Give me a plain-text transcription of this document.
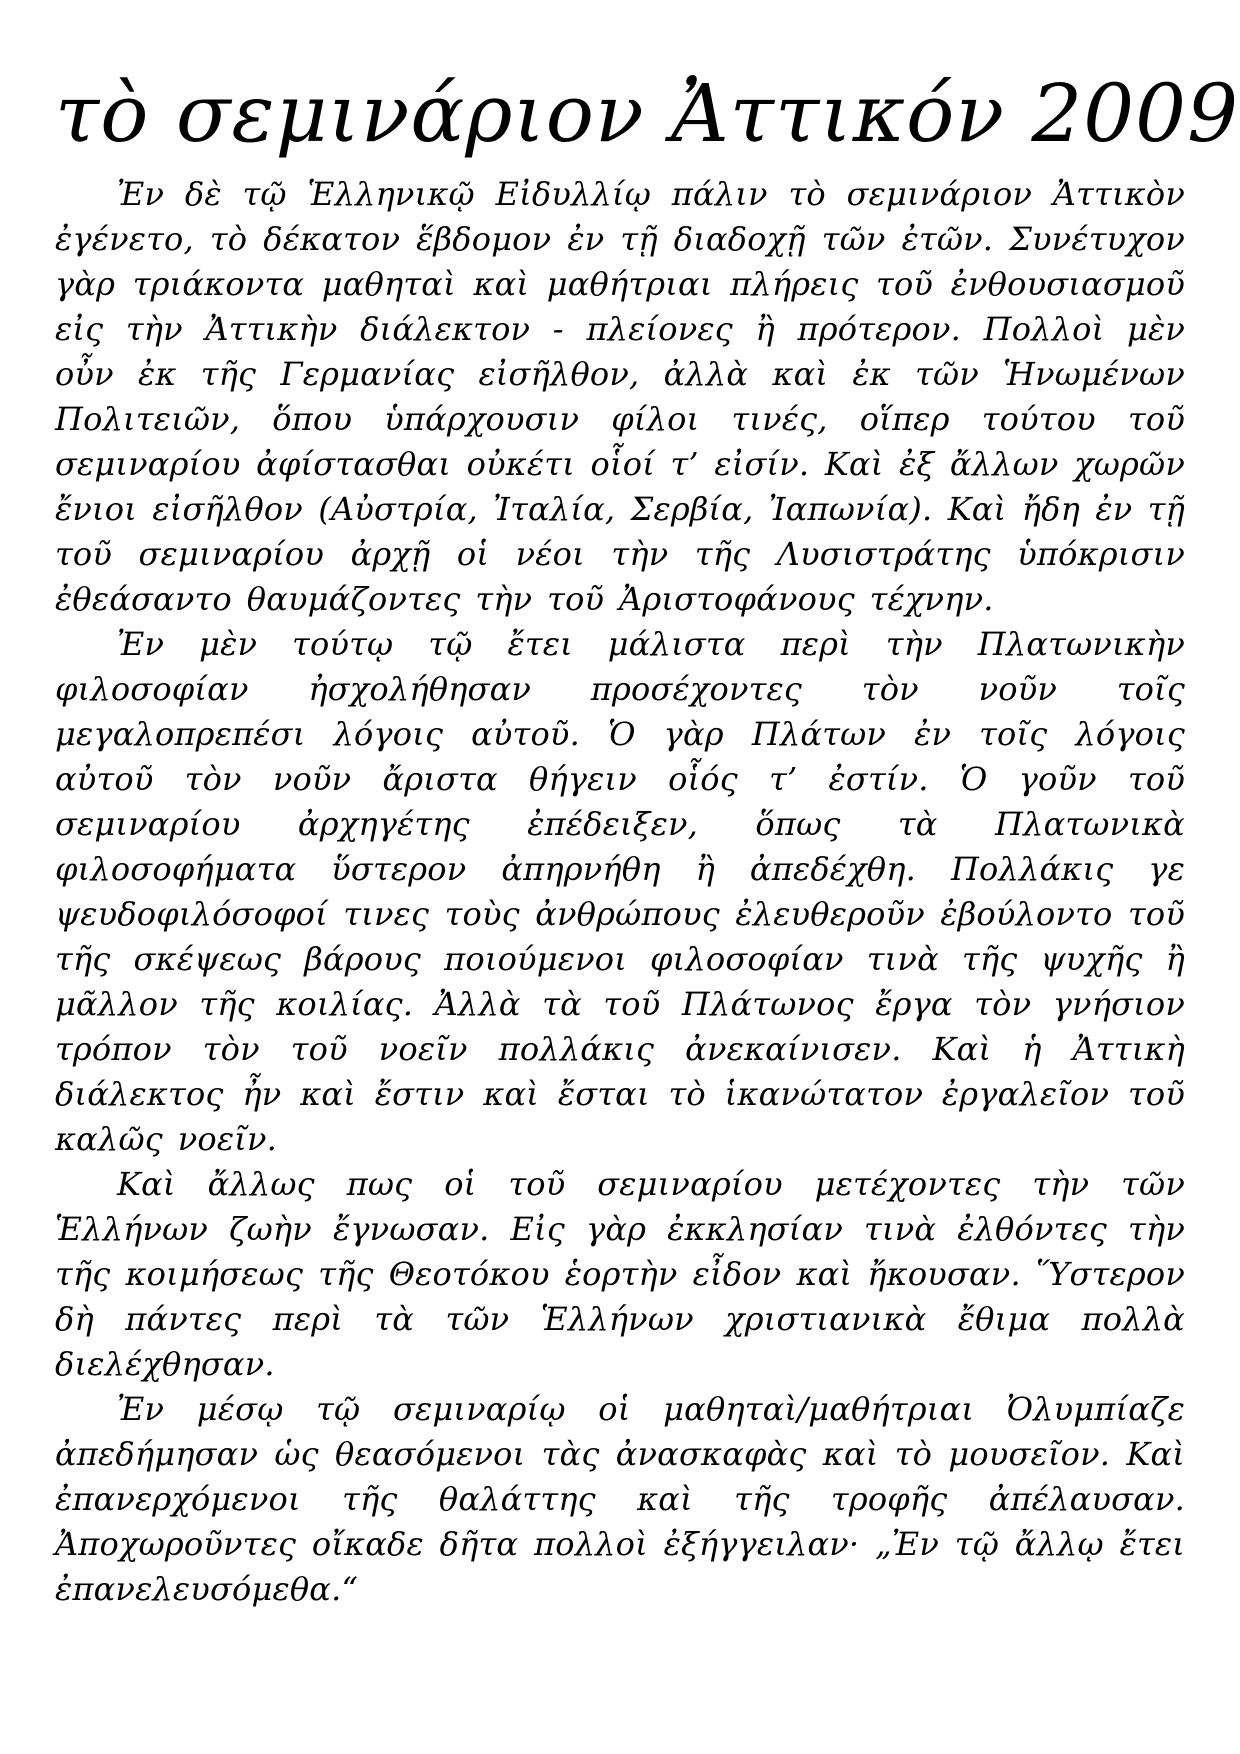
τὸ σεμινάριον Ἀττικόν 2009

Ἐν δὲ τῷ Ἑλληνικῷ Εἰδυλλίῳ πάλιν τὸ σεμινάριον Ἀττικὸν ἐγένετο, τὸ δέκατον ἕβδομον ἐν τῇ διαδοχῇ τῶν ἐτῶν. Συνέτυχον γὰρ τριάκοντα μαθηταὶ καὶ μαθήτριαι πλήρεις τοῦ ἐνθουσιασμοῦ εἰς τὴν Ἀττικὴν διάλεκτον - πλείονες ἢ πρότερον. Πολλοὶ μὲν οὖν ἐκ τῆς Γερμανίας εἰσῆλθον, ἀλλὰ καὶ ἐκ τῶν Ἡνωμένων Πολιτειῶν, ὅπου ὑπάρχουσιν φίλοι τινές, οἵπερ τούτου τοῦ σεμιναρίου ἀφίστασθαι οὐκέτι οἷοί τ’ εἰσίν. Καὶ ἐξ ἄλλων χωρῶν ἔνιοι εἰσῆλθον (Αὐστρία, Ἰταλία, Σερβία, Ἰαπωνία). Καὶ ἤδη ἐν τῇ τοῦ σεμιναρίου ἀρχῇ οἱ νέοι τὴν τῆς Λυσιστράτης ὑπόκρισιν ἐθεάσαντο θαυμάζοντες τὴν τοῦ Ἀριστοφάνους τέχνην.

Ἐν μὲν τούτῳ τῷ ἔτει μάλιστα περὶ τὴν Πλατωνικὴν φιλοσοφίαν ἠσχολήθησαν προσέχοντες τὸν νοῦν τοῖς μεγαλοπρεπέσι λόγοις αὐτοῦ. Ὁ γὰρ Πλάτων ἐν τοῖς λόγοις αὐτοῦ τὸν νοῦν ἄριστα θήγειν οἷός τ’ ἐστίν. Ὁ γοῦν τοῦ σεμιναρίου ἀρχηγέτης ἐπέδειξεν, ὅπως τὰ Πλατωνικὰ φιλοσοφήματα ὕστερον ἀπηρνήθη ἢ ἀπεδέχθη. Πολλάκις γε ψευδοφιλόσοφοί τινες τοὺς ἀνθρώπους ἐλευθεροῦν ἐβούλοντο τοῦ τῆς σκέψεως βάρους ποιούμενοι φιλοσοφίαν τινὰ τῆς ψυχῆς ἢ μᾶλλον τῆς κοιλίας. Ἀλλὰ τὰ τοῦ Πλάτωνος ἔργα τὸν γνήσιον τρόπον τὸν τοῦ νοεῖν πολλάκις ἀνεκαίνισεν. Καὶ ἡ Ἀττικὴ διάλεκτος ἦν καὶ ἔστιν καὶ ἔσται τὸ ἱκανώτατον ἐργαλεῖον τοῦ καλῶς νοεῖν.

Καὶ ἄλλως πως οἱ τοῦ σεμιναρίου μετέχοντες τὴν τῶν Ἑλλήνων ζωὴν ἔγνωσαν. Εἰς γὰρ ἐκκλησίαν τινὰ ἐλθόντες τὴν τῆς κοιμήσεως τῆς Θεοτόκου ἑορτὴν εἶδον καὶ ἤκουσαν. Ὕστερον δὴ πάντες περὶ τὰ τῶν Ἑλλήνων χριστιανικὰ ἔθιμα πολλὰ διελέχθησαν.

Ἐν μέσῳ τῷ σεμιναρίῳ οἱ μαθηταὶ/μαθήτριαι Ὀλυμπίαζε ἀπεδήμησαν ὡς θεασόμενοι τὰς ἀνασκαφὰς καὶ τὸ μουσεῖον. Καὶ ἐπανερχόμενοι τῆς θαλάττης καὶ τῆς τροφῆς ἀπέλαυσαν. Ἀποχωροῦντες οἴκαδε δῆτα πολλοὶ ἐξήγγειλαν· „Ἐν τῷ ἄλλῳ ἔτει ἐπανελευσόμεθα.“
